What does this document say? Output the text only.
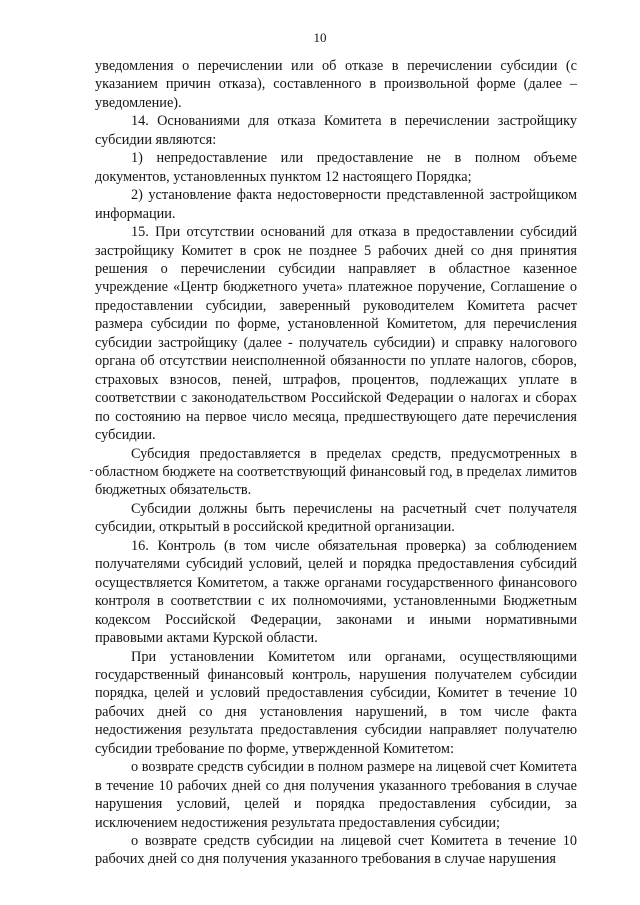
10

уведомления о перечислении или об отказе в перечислении субсидии (с указанием причин отказа), составленного в произвольной форме (далее – уведомление).

14. Основаниями для отказа Комитета в перечислении застройщику субсидии являются:

1) непредоставление или предоставление не в полном объеме документов, установленных пунктом 12 настоящего Порядка;

2) установление факта недостоверности представленной застройщиком информации.

15. При отсутствии оснований для отказа в предоставлении субсидий застройщику Комитет в срок не позднее 5 рабочих дней со дня принятия решения о перечислении субсидии направляет в областное казенное учреждение «Центр бюджетного учета» платежное поручение, Соглашение о предоставлении субсидии, заверенный руководителем Комитета расчет размера субсидии по форме, установленной Комитетом, для перечисления субсидии застройщику (далее - получатель субсидии) и справку налогового органа об отсутствии неисполненной обязанности по уплате налогов, сборов, страховых взносов, пеней, штрафов, процентов, подлежащих уплате в соответствии с законодательством Российской Федерации о налогах и сборах по состоянию на первое число месяца, предшествующего дате перечисления субсидии.

Субсидия предоставляется в пределах средств, предусмотренных в областном бюджете на соответствующий финансовый год, в пределах лимитов бюджетных обязательств.

Субсидии должны быть перечислены на расчетный счет получателя субсидии, открытый в российской кредитной организации.

16. Контроль (в том числе обязательная проверка) за соблюдением получателями субсидий условий, целей и порядка предоставления субсидий осуществляется Комитетом, а также органами государственного финансового контроля в соответствии с их полномочиями, установленными Бюджетным кодексом Российской Федерации, законами и иными нормативными правовыми актами Курской области.

При установлении Комитетом или органами, осуществляющими государственный финансовый контроль, нарушения получателем субсидии порядка, целей и условий предоставления субсидии, Комитет в течение 10 рабочих дней со дня установления нарушений, в том числе факта недостижения результата предоставления субсидии направляет получателю субсидии требование по форме, утвержденной Комитетом:

о возврате средств субсидии в полном размере на лицевой счет Комитета в течение 10 рабочих дней со дня получения указанного требования в случае нарушения условий, целей и порядка предоставления субсидии, за исключением недостижения результата предоставления субсидии;

о возврате средств субсидии на лицевой счет Комитета в течение 10 рабочих дней со дня получения указанного требования в случае нарушения
